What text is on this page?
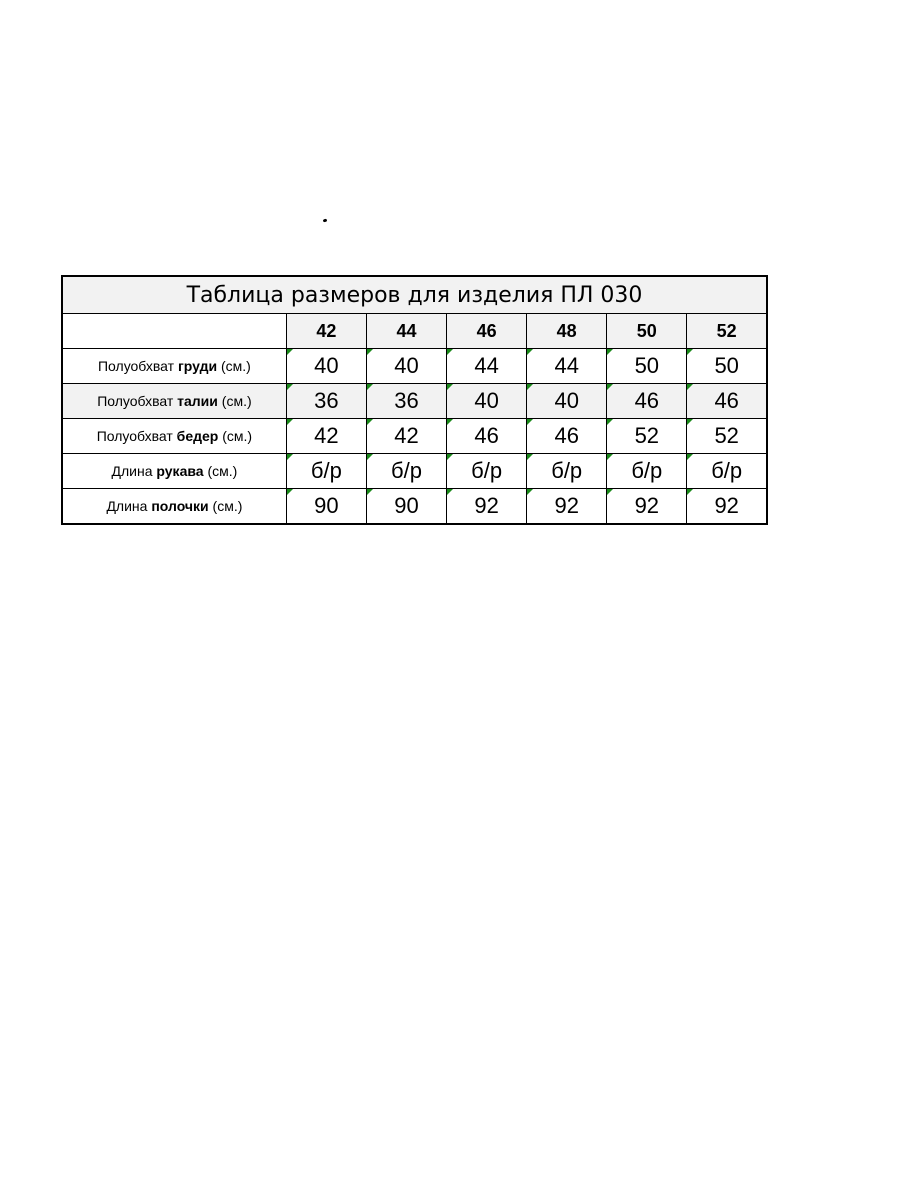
Таблица размеров для изделия ПЛ 030						
	42	44	46	48	50	52
Полуобхват груди (см.)	40	40	44	44	50	50
Полуобхват талии (см.)	36	36	40	40	46	46
Полуобхват бедер (см.)	42	42	46	46	52	52
Длина рукава (см.)	б/р	б/р	б/р	б/р	б/р	б/р
Длина полочки (см.)	90	90	92	92	92	92
